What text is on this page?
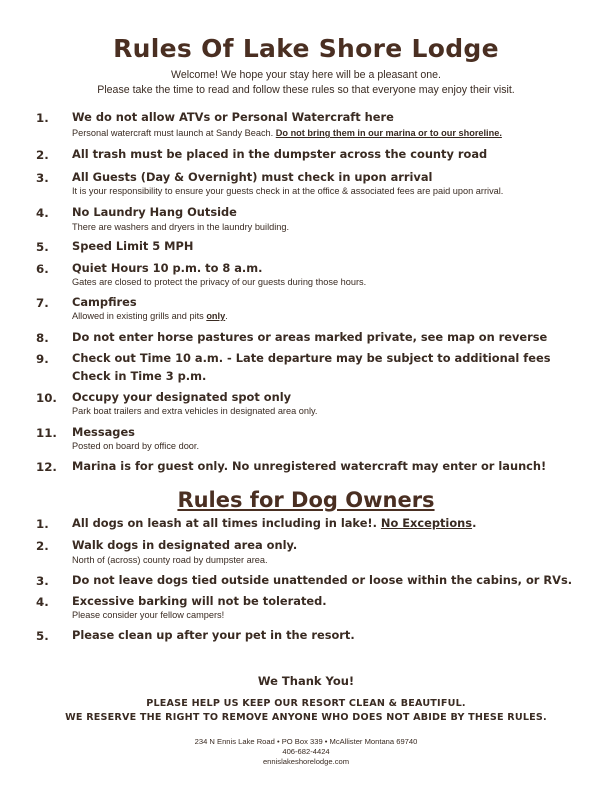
Rules Of Lake Shore Lodge
Welcome! We hope your stay here will be a pleasant one.
Please take the time to read and follow these rules so that everyone may enjoy their visit.
1. We do not allow ATVs or Personal Watercraft here
Personal watercraft must launch at Sandy Beach. Do not bring them in our marina or to our shoreline.
2. All trash must be placed in the dumpster across the county road
3. All Guests (Day & Overnight) must check in upon arrival
It is your responsibility to ensure your guests check in at the office & associated fees are paid upon arrival.
4. No Laundry Hang Outside
There are washers and dryers in the laundry building.
5. Speed Limit 5 MPH
6. Quiet Hours 10 p.m. to 8 a.m.
Gates are closed to protect the privacy of our guests during those hours.
7. Campfires
Allowed in existing grills and pits only.
8. Do not enter horse pastures or areas marked private, see map on reverse
9. Check out Time 10 a.m. - Late departure may be subject to additional fees
Check in Time 3 p.m.
10. Occupy your designated spot only
Park boat trailers and extra vehicles in designated area only.
11. Messages
Posted on board by office door.
12. Marina is for guest only. No unregistered watercraft may enter or launch!
Rules for Dog Owners
1. All dogs on leash at all times including in lake!. No Exceptions.
2. Walk dogs in designated area only.
North of (across) county road by dumpster area.
3. Do not leave dogs tied outside unattended or loose within the cabins, or RVs.
4. Excessive barking will not be tolerated.
Please consider your fellow campers!
5. Please clean up after your pet in the resort.
We Thank You!
PLEASE HELP US KEEP OUR RESORT CLEAN & BEAUTIFUL.
WE RESERVE THE RIGHT TO REMOVE ANYONE WHO DOES NOT ABIDE BY THESE RULES.
234 N Ennis Lake Road • PO Box 339 • McAllister Montana 69740
406-682-4424
ennislakeshorelodge.com
